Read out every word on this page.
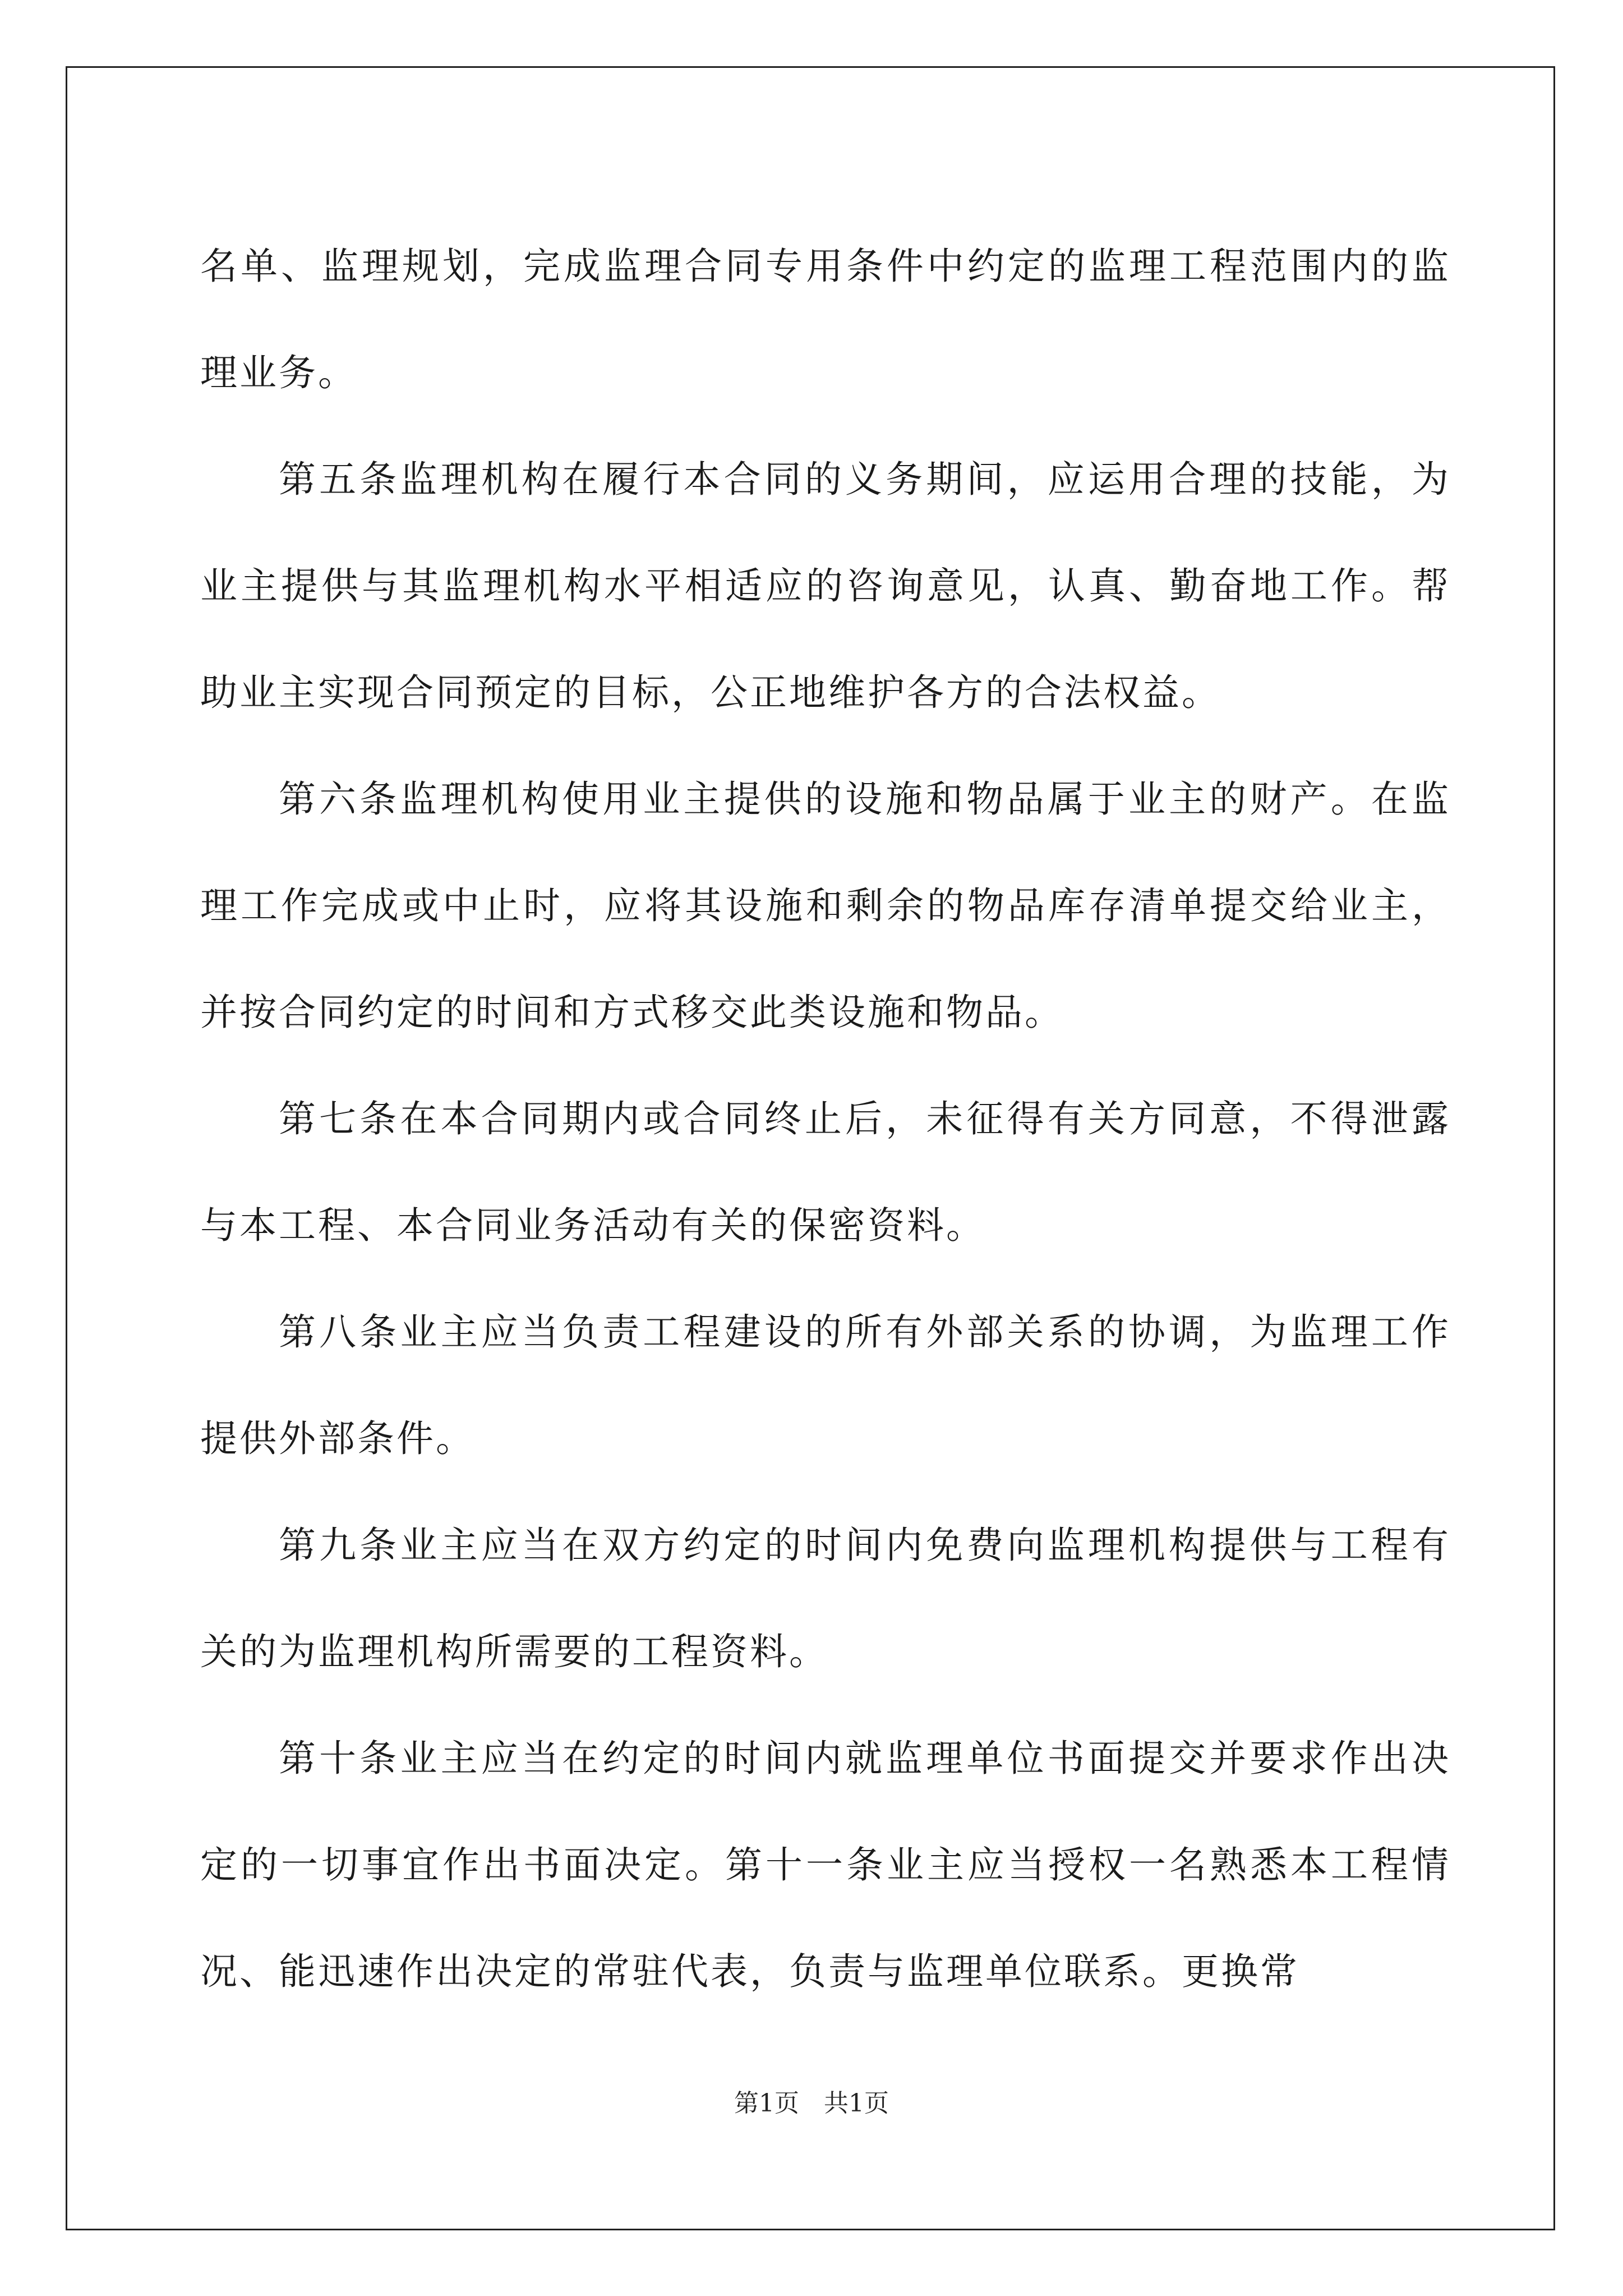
名单、监理规划，完成监理合同专用条件中约定的监理工程范围内的监理业务。

第五条监理机构在履行本合同的义务期间，应运用合理的技能，为业主提供与其监理机构水平相适应的咨询意见，认真、勤奋地工作。帮助业主实现合同预定的目标，公正地维护各方的合法权益。

第六条监理机构使用业主提供的设施和物品属于业主的财产。在监理工作完成或中止时，应将其设施和剩余的物品库存清单提交给业主，并按合同约定的时间和方式移交此类设施和物品。

第七条在本合同期内或合同终止后，未征得有关方同意，不得泄露与本工程、本合同业务活动有关的保密资料。

第八条业主应当负责工程建设的所有外部关系的协调，为监理工作提供外部条件。

第九条业主应当在双方约定的时间内免费向监理机构提供与工程有关的为监理机构所需要的工程资料。

第十条业主应当在约定的时间内就监理单位书面提交并要求作出决定的一切事宜作出书面决定。第十一条业主应当授权一名熟悉本工程情况、能迅速作出决定的常驻代表，负责与监理单位联系。更换常

第1页　共1页
